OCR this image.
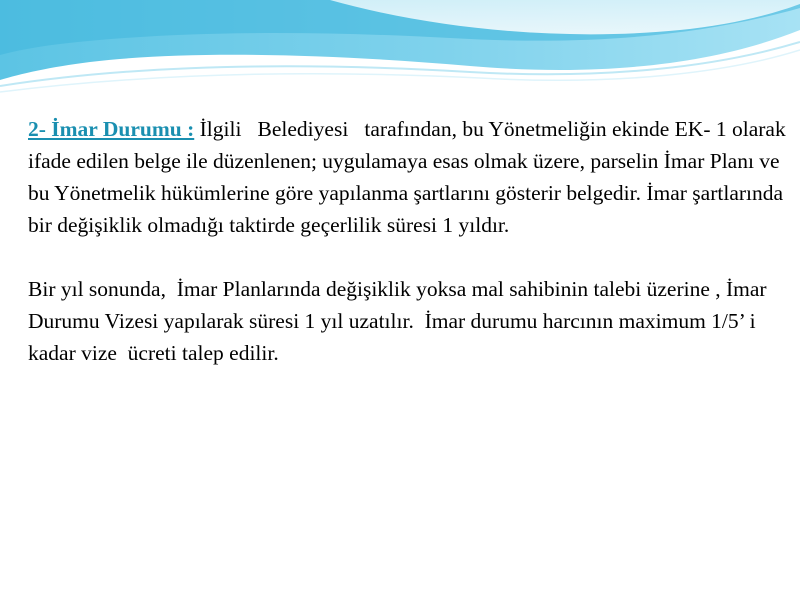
2- İmar Durumu : İlgili   Belediyesi   tarafından, bu Yönetmeliğin ekinde EK- 1 olarak ifade edilen belge ile düzenlenen; uygulamaya esas olmak üzere, parselin İmar Planı ve bu Yönetmelik hükümlerine göre yapılanma şartlarını gösterir belgedir. İmar şartlarında bir değişiklik olmadığı taktirde geçerlilik süresi 1 yıldır.

Bir yıl sonunda,  İmar Planlarında değişiklik yoksa mal sahibinin talebi üzerine , İmar Durumu Vizesi yapılarak süresi 1 yıl uzatılır.  İmar durumu harcının maximum 1/5’ i  kadar vize  ücreti talep edilir.
